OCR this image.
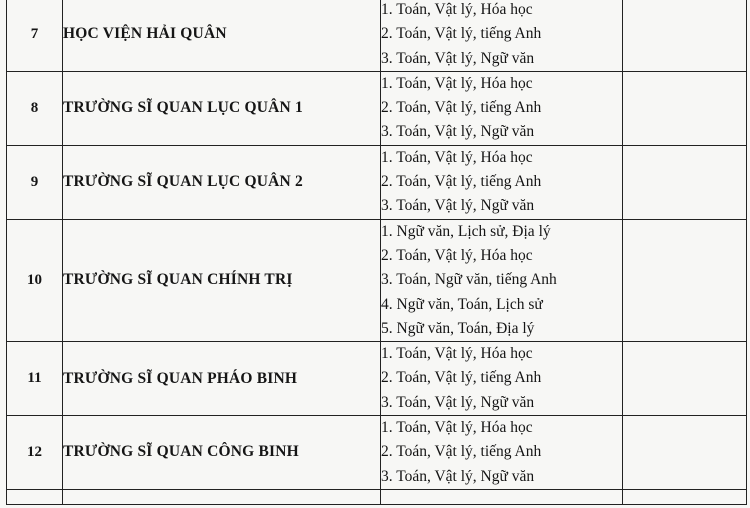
7	HỌC VIỆN HẢI QUÂN	1. Toán, Vật lý, Hóa học
2. Toán, Vật lý, tiếng Anh
3. Toán, Vật lý, Ngữ văn	

8	TRƯỜNG SĨ QUAN LỤC QUÂN 1	1. Toán, Vật lý, Hóa học
2. Toán, Vật lý, tiếng Anh
3. Toán, Vật lý, Ngữ văn	

9	TRƯỜNG SĨ QUAN LỤC QUÂN 2	1. Toán, Vật lý, Hóa học
2. Toán, Vật lý, tiếng Anh
3. Toán, Vật lý, Ngữ văn	

10	TRƯỜNG SĨ QUAN CHÍNH TRỊ	1. Ngữ văn, Lịch sử, Địa lý
2. Toán, Vật lý, Hóa học
3. Toán, Ngữ văn, tiếng Anh
4. Ngữ văn, Toán, Lịch sử
5. Ngữ văn, Toán, Địa lý	

11	TRƯỜNG SĨ QUAN PHÁO BINH	1. Toán, Vật lý, Hóa học
2. Toán, Vật lý, tiếng Anh
3. Toán, Vật lý, Ngữ văn	

12	TRƯỜNG SĨ QUAN CÔNG BINH	1. Toán, Vật lý, Hóa học
2. Toán, Vật lý, tiếng Anh
3. Toán, Vật lý, Ngữ văn	
